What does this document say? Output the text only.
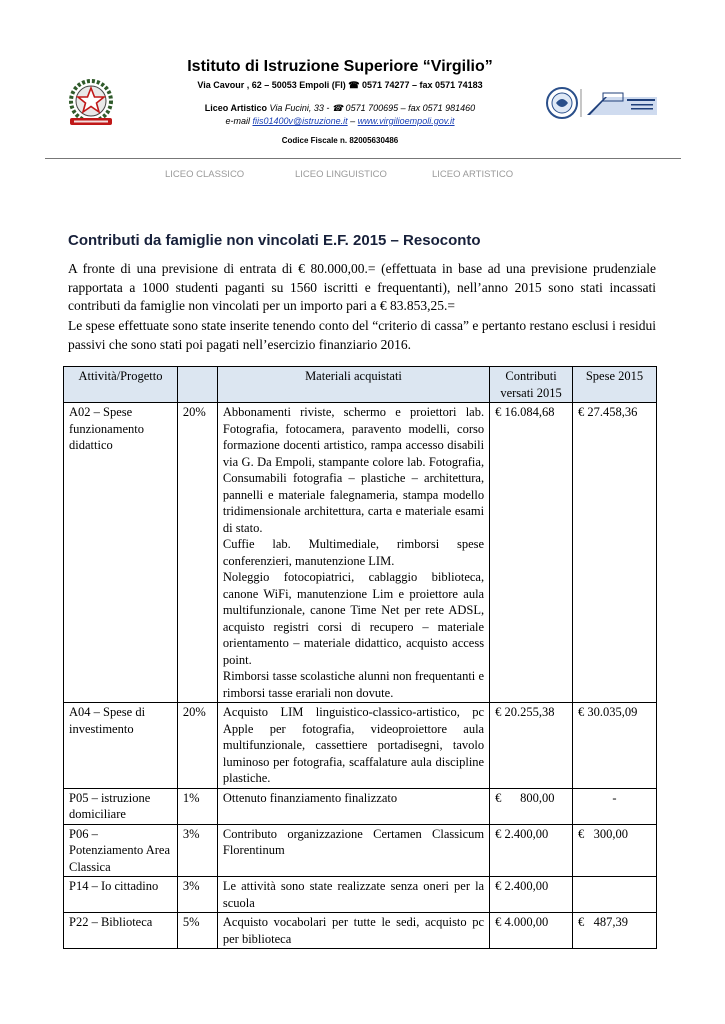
Istituto di Istruzione Superiore “Virgilio”
Via Cavour , 62 – 50053 Empoli (FI) ☎ 0571 74277 – fax 0571 74183
Liceo Artistico Via Fucini, 33 - ☎ 0571 700695 – fax 0571 981460
e-mail fiis01400v@istruzione.it – www.virgilioempoli.gov.it
Codice Fiscale n. 82005630486
LICEO CLASSICO	LICEO LINGUISTICO	LICEO ARTISTICO
Contributi da famiglie non vincolati E.F. 2015 – Resoconto
A fronte di una previsione di entrata di € 80.000,00.= (effettuata in base ad una previsione prudenziale rapportata a 1000 studenti paganti su 1560 iscritti e frequentanti), nell’anno 2015 sono stati incassati contributi da famiglie non vincolati per un importo pari a € 83.853,25.=
Le spese effettuate sono state inserite tenendo conto del “criterio di cassa” e pertanto restano esclusi i residui passivi che sono stati poi pagati nell’esercizio finanziario 2016.
Attività/Progetto		Materiali acquistati	Contributi versati 2015	Spese 2015
A02 – Spese funzionamento didattico	20%	Abbonamenti riviste, schermo e proiettori lab. Fotografia, fotocamera, paravento modelli, corso formazione docenti artistico, rampa accesso disabili via G. Da Empoli, stampante colore lab. Fotografia, Consumabili fotografia – plastiche – architettura, pannelli e materiale falegnameria, stampa modello tridimensionale architettura, carta e materiale esami di stato.
Cuffie lab. Multimediale, rimborsi spese conferenzieri, manutenzione LIM.
Noleggio fotocopiatrici, cablaggio biblioteca, canone WiFi, manutenzione Lim e proiettore aula multifunzionale, canone Time Net per rete ADSL, acquisto registri corsi di recupero – materiale orientamento – materiale didattico, acquisto access point.
Rimborsi tasse scolastiche alunni non frequentanti e rimborsi tasse erariali non dovute.	€ 16.084,68	€ 27.458,36
A04 – Spese di investimento	20%	Acquisto LIM linguistico-classico-artistico, pc Apple per fotografia, videoproiettore aula multifunzionale, cassettiere portadisegni, tavolo luminoso per fotografia, scaffalature aula discipline plastiche.	€ 20.255,38	€ 30.035,09
P05 – istruzione domiciliare	1%	Ottenuto finanziamento finalizzato	€      800,00	-
P06 – Potenziamento Area Classica	3%	Contributo organizzazione Certamen Classicum Florentinum	€ 2.400,00	€   300,00
P14 – Io cittadino	3%	Le attività sono state realizzate senza oneri per la scuola	€ 2.400,00	
P22 – Biblioteca	5%	Acquisto vocabolari per tutte le sedi, acquisto pc per biblioteca	€ 4.000,00	€   487,39
